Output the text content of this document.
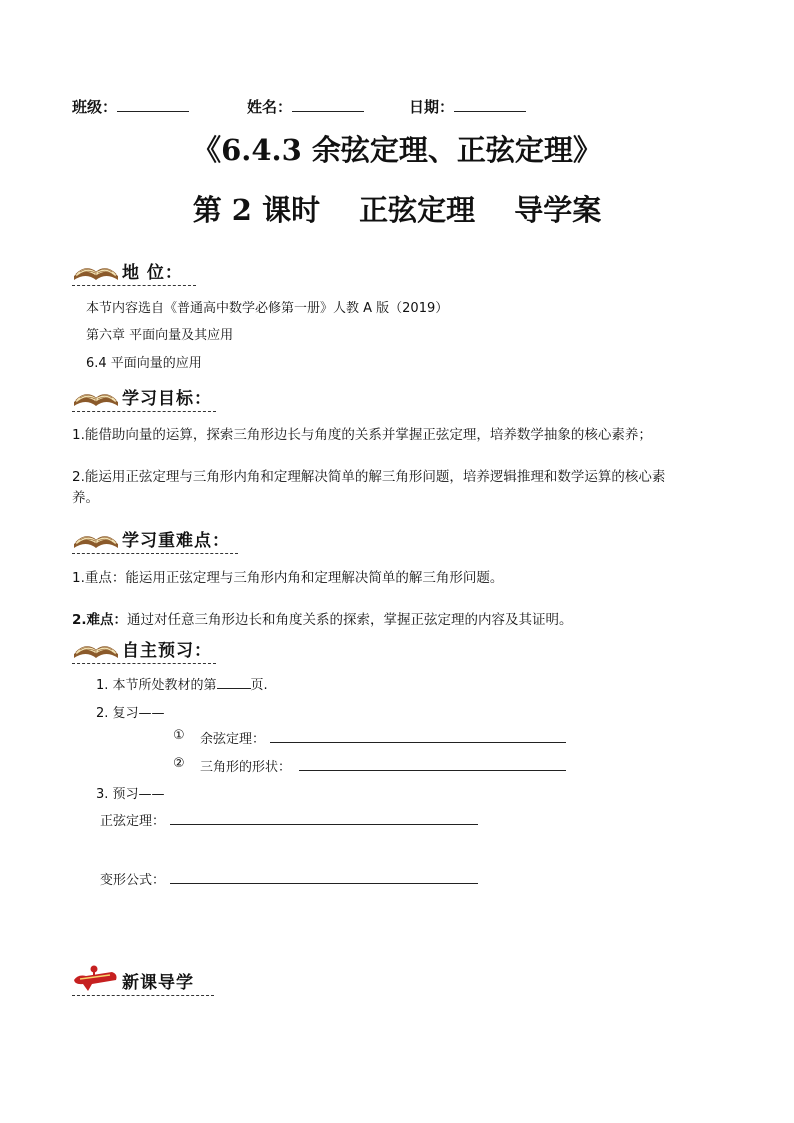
班级：	姓名：	日期：
《6.4.3 余弦定理、正弦定理》
第 2 课时　 正弦定理　 导学案
地 位：
本节内容选自《普通高中数学必修第一册》人教 A 版（2019）
第六章 平面向量及其应用
6.4 平面向量的应用
学习目标：
1.能借助向量的运算，探索三角形边长与角度的关系并掌握正弦定理，培养数学抽象的核心素养；
2.能运用正弦定理与三角形内角和定理解决简单的解三角形问题，培养逻辑推理和数学运算的核心素
养。
学习重难点：
1.重点：能运用正弦定理与三角形内角和定理解决简单的解三角形问题。
2.难点：通过对任意三角形边长和角度关系的探索，掌握正弦定理的内容及其证明。
自主预习：
1. 本节所处教材的第	页.
2. 复习——
① 余弦定理：
② 三角形的形状：
3. 预习——
正弦定理：
变形公式：
新课导学
